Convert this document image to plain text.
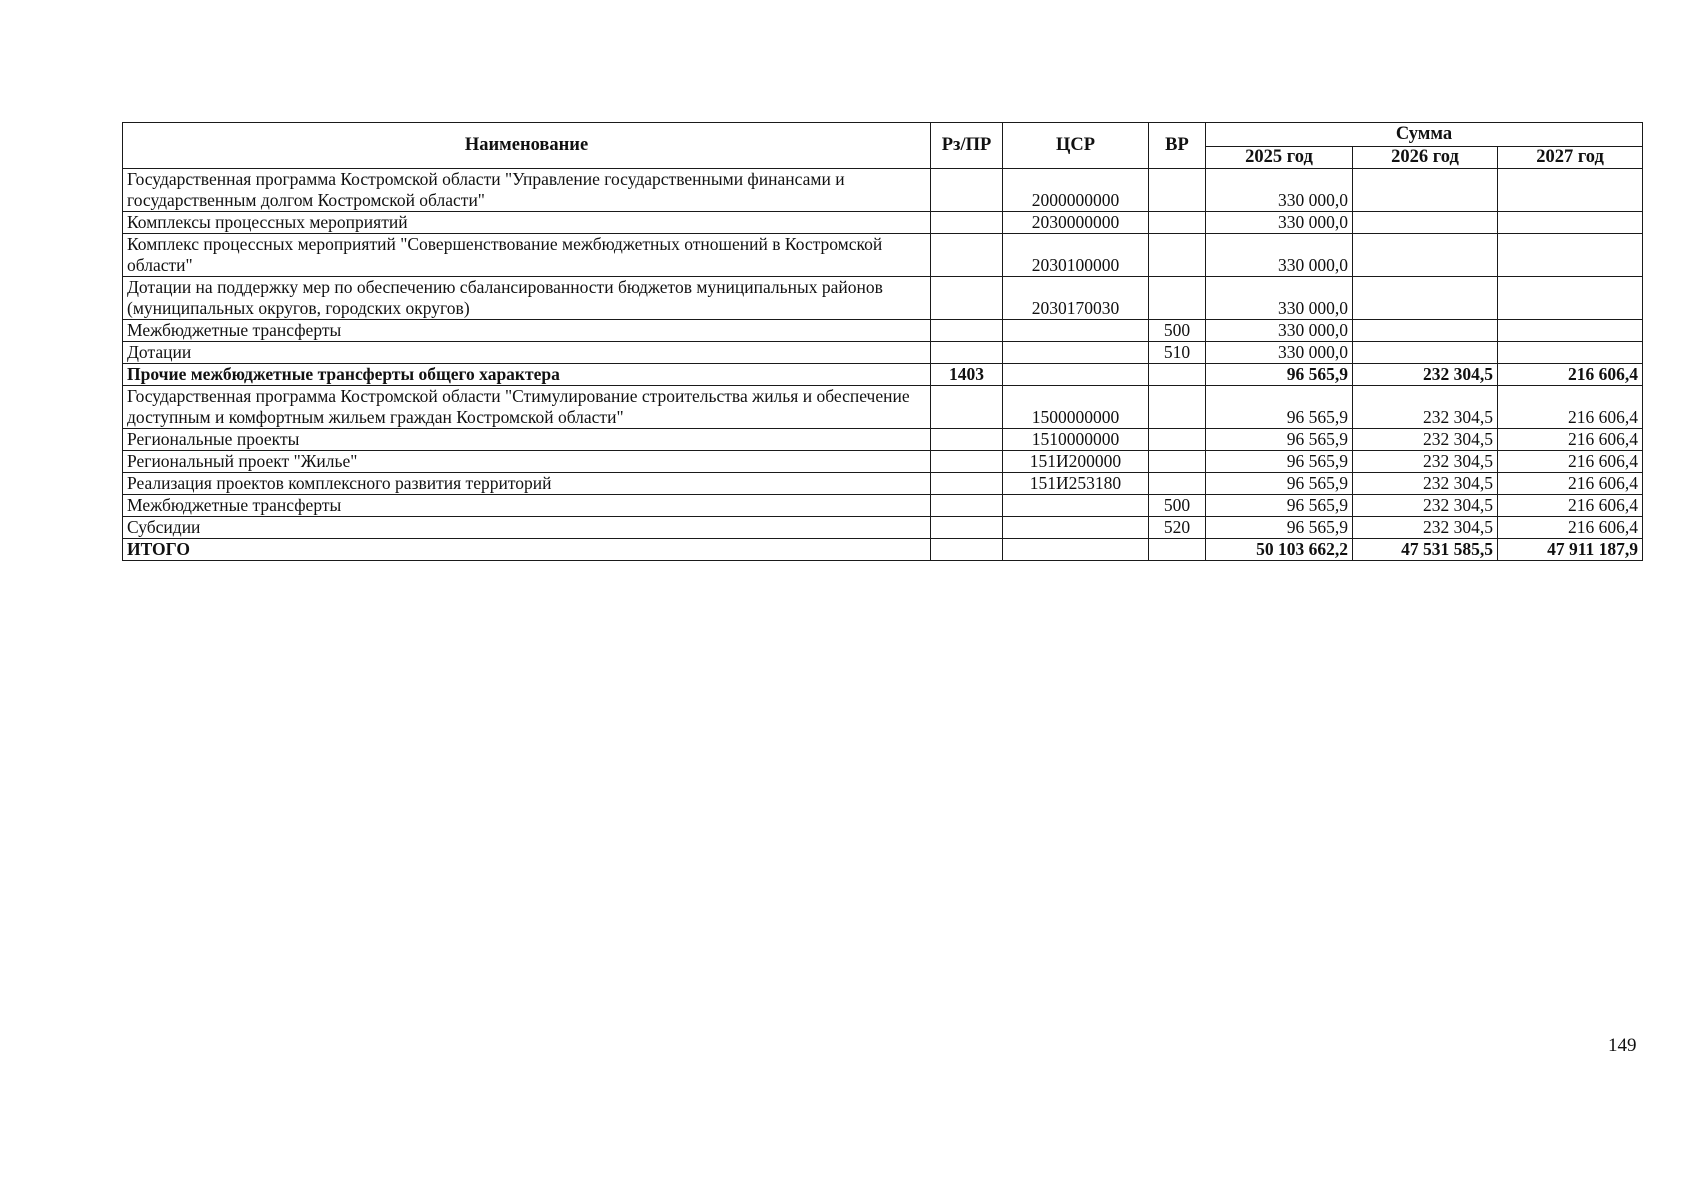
Наименование	Рз/ПР	ЦСР	ВР	Сумма		
				2025 год	2026 год	2027 год
Государственная программа Костромской области "Управление государственными финансами и государственным долгом Костромской области"		2000000000		330 000,0		
Комплексы процессных мероприятий		2030000000		330 000,0		
Комплекс процессных мероприятий "Совершенствование межбюджетных отношений в Костромской области"		2030100000		330 000,0		
Дотации на поддержку мер по обеспечению сбалансированности бюджетов муниципальных районов (муниципальных округов, городских округов)		2030170030		330 000,0		
Межбюджетные трансферты			500	330 000,0		
Дотации			510	330 000,0		
Прочие межбюджетные трансферты общего характера	1403			96 565,9	232 304,5	216 606,4
Государственная программа Костромской области "Стимулирование строительства жилья и обеспечение доступным и комфортным жильем граждан Костромской области"		1500000000		96 565,9	232 304,5	216 606,4
Региональные проекты		1510000000		96 565,9	232 304,5	216 606,4
Региональный проект "Жилье"		151И200000		96 565,9	232 304,5	216 606,4
Реализация проектов комплексного развития территорий		151И253180		96 565,9	232 304,5	216 606,4
Межбюджетные трансферты			500	96 565,9	232 304,5	216 606,4
Субсидии			520	96 565,9	232 304,5	216 606,4
ИТОГО				50 103 662,2	47 531 585,5	47 911 187,9
149
